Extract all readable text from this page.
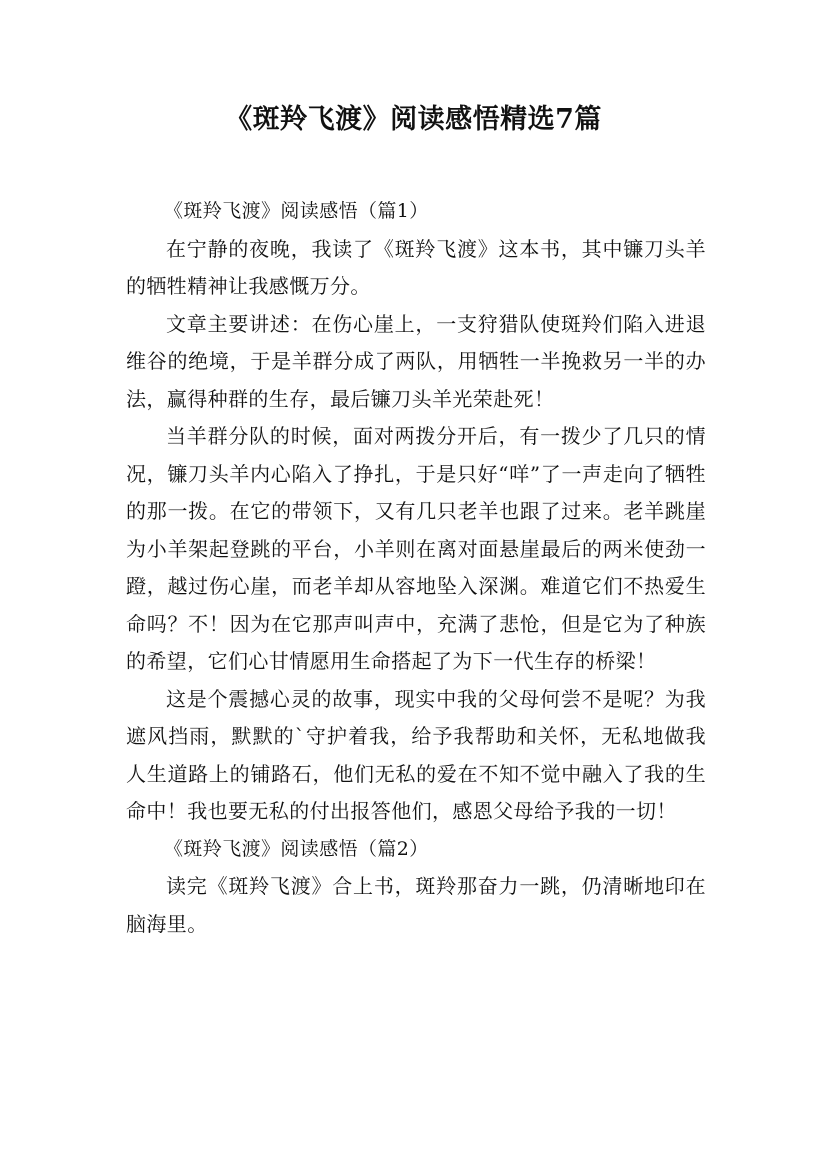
《斑羚飞渡》阅读感悟精选7篇

《斑羚飞渡》阅读感悟（篇1）

在宁静的夜晚，我读了《斑羚飞渡》这本书，其中镰刀头羊的牺牲精神让我感慨万分。

文章主要讲述：在伤心崖上，一支狩猎队使斑羚们陷入进退维谷的绝境，于是羊群分成了两队，用牺牲一半挽救另一半的办法，赢得种群的生存，最后镰刀头羊光荣赴死！

当羊群分队的时候，面对两拨分开后，有一拨少了几只的情况，镰刀头羊内心陷入了挣扎，于是只好“咩”了一声走向了牺牲的那一拨。在它的带领下，又有几只老羊也跟了过来。老羊跳崖为小羊架起登跳的平台，小羊则在离对面悬崖最后的两米使劲一蹬，越过伤心崖，而老羊却从容地坠入深渊。难道它们不热爱生命吗？不！因为在它那声叫声中，充满了悲怆，但是它为了种族的希望，它们心甘情愿用生命搭起了为下一代生存的桥梁！

这是个震撼心灵的故事，现实中我的父母何尝不是呢？为我遮风挡雨，默默的`守护着我，给予我帮助和关怀，无私地做我人生道路上的铺路石，他们无私的爱在不知不觉中融入了我的生命中！我也要无私的付出报答他们，感恩父母给予我的一切！

《斑羚飞渡》阅读感悟（篇2）

读完《斑羚飞渡》合上书，斑羚那奋力一跳，仍清晰地印在脑海里。
